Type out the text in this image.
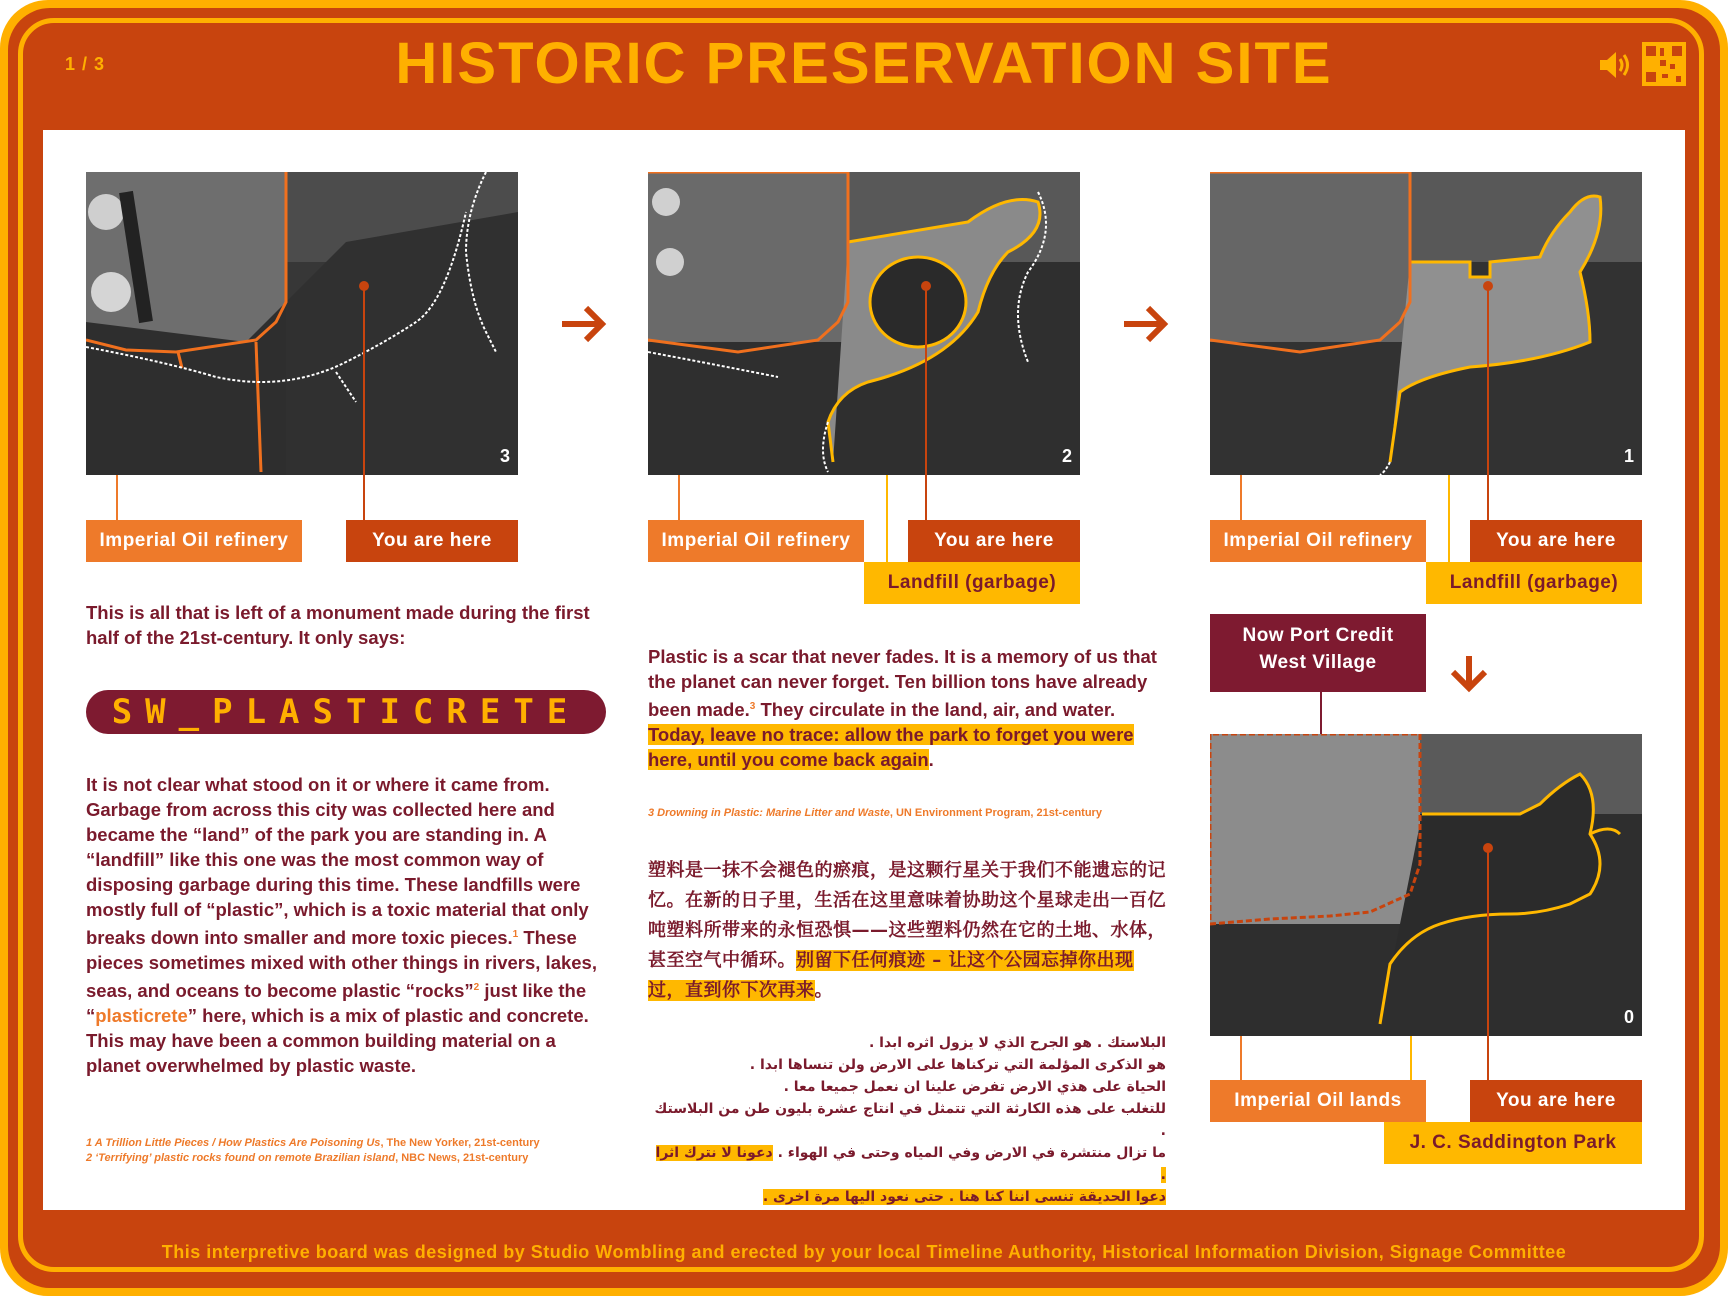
1 / 3	HISTORIC PRESERVATION SITE
3	2	1
0
Imperial Oil refinery	You are here	Imperial Oil refinery	You are here
Landfill (garbage)
Imperial Oil refinery	You are here
Landfill (garbage)
Now Port Credit
West Village
Imperial Oil lands	You are here
J. C. Saddington Park
This is all that is left of a monument made during the first half of the 21st-century. It only says:
SW_PLASTICRETE
It is not clear what stood on it or where it came from. Garbage from across this city was collected here and became the “land” of the park you are standing in. A “landfill” like this one was the most common way of disposing garbage during this time. These landfills were mostly full of “plastic”, which is a toxic material that only breaks down into smaller and more toxic pieces.$^1$ These pieces sometimes mixed with other things in rivers, lakes, seas, and oceans to become plastic “rocks”$^2$ just like the “plasticrete” here, which is a mix of plastic and concrete. This may have been a common building material on a planet overwhelmed by plastic waste.
1 A Trillion Little Pieces / How Plastics Are Poisoning Us, The New Yorker, 21st-century
2 ‘Terrifying’ plastic rocks found on remote Brazilian island, NBC News, 21st-century
Plastic is a scar that never fades. It is a memory of us that the planet can never forget. Ten billion tons have already been made.$^3$ They circulate in the land, air, and water. Today, leave no trace: allow the park to forget you were here, until you come back again.
3 Drowning in Plastic: Marine Litter and Waste, UN Environment Program, 21st-century
塑料是一抹不会褪色的瘀痕，是这颗行星关于我们不能遗忘的记忆。在新的日子里，生活在这里意味着协助这个星球走出一百亿吨塑料所带来的永恒恐惧——这些塑料仍然在它的土地、水体，甚至空气中循环。别留下任何痕迹 – 让这个公园忘掉你出现过，直到你下次再来。
البلاستك . هو الجرح الذي لا يزول اثره ابدا .
هو الذكرى المؤلمة التي تركناها على الارض ولن تنساها ابدا .
الحياة على هذي الارض تفرض علينا ان نعمل جميعا معا .
للتغلب على هذه الكارثة التي تتمثل في انتاج عشرة بليون طن من البلاستك .
ما تزال منتشرة في الارض وفي المياه وحتى في الهواء . دعونا لا نترك اثرا .
دعوا الحديقة تنسى اننا كنا هنا . حتى نعود اليها مرة اخرى .
This interpretive board was designed by Studio Wombling and erected by your local Timeline Authority, Historical Information Division, Signage Committee
